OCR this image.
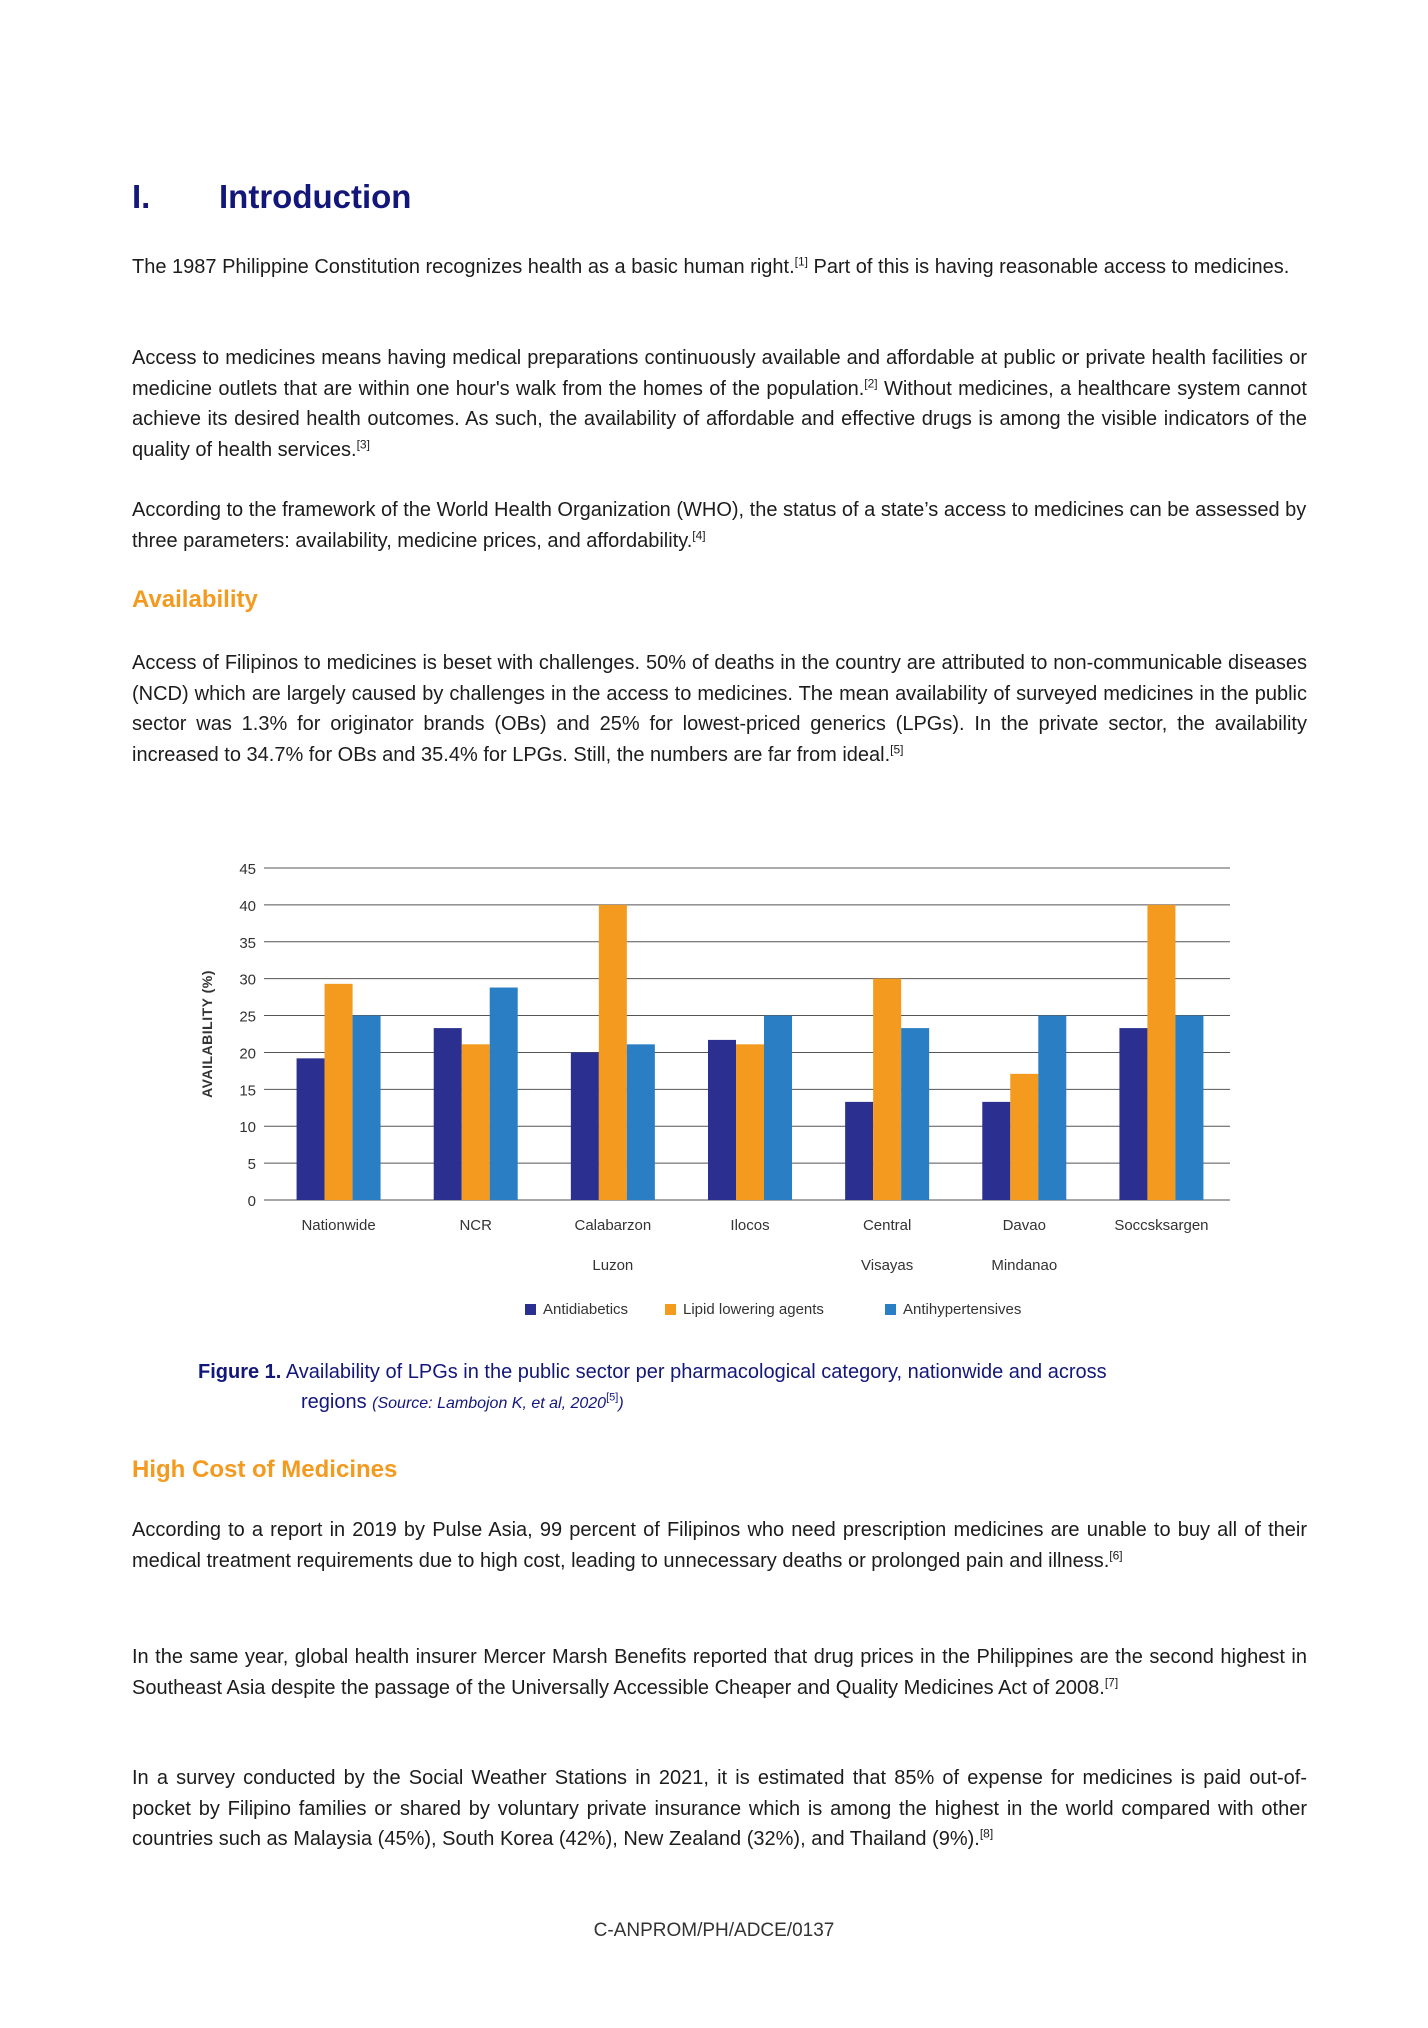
I.	Introduction
The 1987 Philippine Constitution recognizes health as a basic human right.[1] Part of this is having reasonable access to medicines.
Access to medicines means having medical preparations continuously available and affordable at public or private health facilities or medicine outlets that are within one hour's walk from the homes of the population.[2] Without medicines, a healthcare system cannot achieve its desired health outcomes. As such, the availability of affordable and effective drugs is among the visible indicators of the quality of health services.[3]
According to the framework of the World Health Organization (WHO), the status of a state’s access to medicines can be assessed by three parameters: availability, medicine prices, and affordability.[4]
Availability
Access of Filipinos to medicines is beset with challenges. 50% of deaths in the country are attributed to non-communicable diseases (NCD) which are largely caused by challenges in the access to medicines. The mean availability of surveyed medicines in the public sector was 1.3% for originator brands (OBs) and 25% for lowest-priced generics (LPGs). In the private sector, the availability increased to 34.7% for OBs and 35.4% for LPGs. Still, the numbers are far from ideal.[5]
0
5
10
15
20
25
30
35
40
45
AVAILABILITY (%)
Nationwide	NCR	Calabarzon	Ilocos	Central	Davao	Soccsksargen
Luzon	Visayas	Mindanao
Antidiabetics	Lipid lowering agents	Antihypertensives
Figure 1. Availability of LPGs in the public sector per pharmacological category, nationwide and across
regions (Source: Lambojon K, et al, 2020[5])
High Cost of Medicines
According to a report in 2019 by Pulse Asia, 99 percent of Filipinos who need prescription medicines are unable to buy all of their medical treatment requirements due to high cost, leading to unnecessary deaths or prolonged pain and illness.[6]
In the same year, global health insurer Mercer Marsh Benefits reported that drug prices in the Philippines are the second highest in Southeast Asia despite the passage of the Universally Accessible Cheaper and Quality Medicines Act of 2008.[7]
In a survey conducted by the Social Weather Stations in 2021, it is estimated that 85% of expense for medicines is paid out-of-pocket by Filipino families or shared by voluntary private insurance which is among the highest in the world compared with other countries such as Malaysia (45%), South Korea (42%), New Zealand (32%), and Thailand (9%).[8]
C-ANPROM/PH/ADCE/0137
